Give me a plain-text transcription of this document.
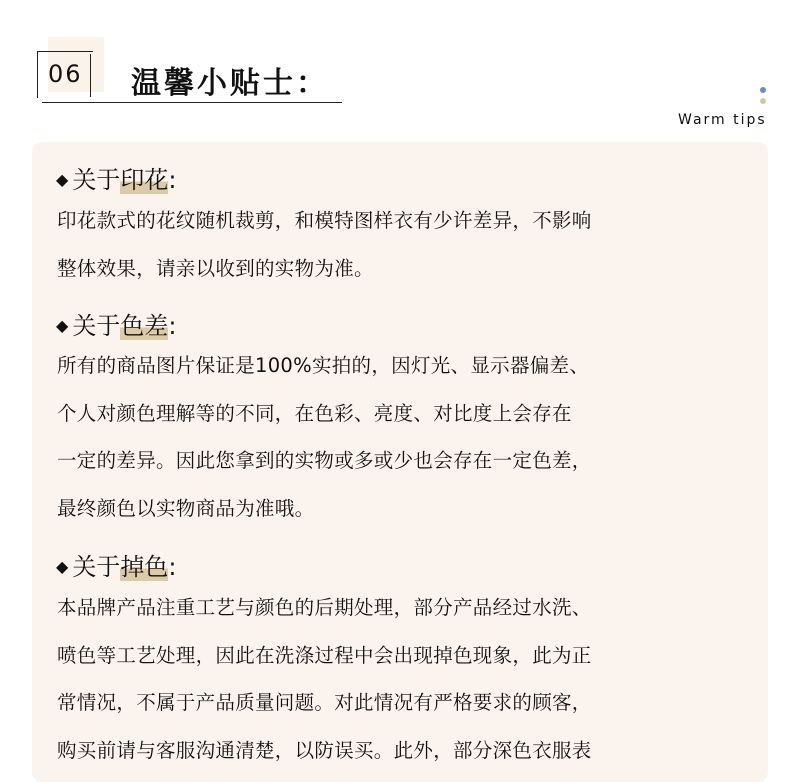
06 温馨小贴士：
Warm tips
◆ 关于印花:
印花款式的花纹随机裁剪，和模特图样衣有少许差异，不影响
整体效果，请亲以收到的实物为准。
◆ 关于色差:
所有的商品图片保证是100%实拍的，因灯光、显示器偏差、
个人对颜色理解等的不同，在色彩、亮度、对比度上会存在
一定的差异。因此您拿到的实物或多或少也会存在一定色差，
最终颜色以实物商品为准哦。
◆ 关于掉色:
本品牌产品注重工艺与颜色的后期处理，部分产品经过水洗、
喷色等工艺处理，因此在洗涤过程中会出现掉色现象，此为正
常情况，不属于产品质量问题。对此情况有严格要求的顾客，
购买前请与客服沟通清楚，以防误买。此外，部分深色衣服表
